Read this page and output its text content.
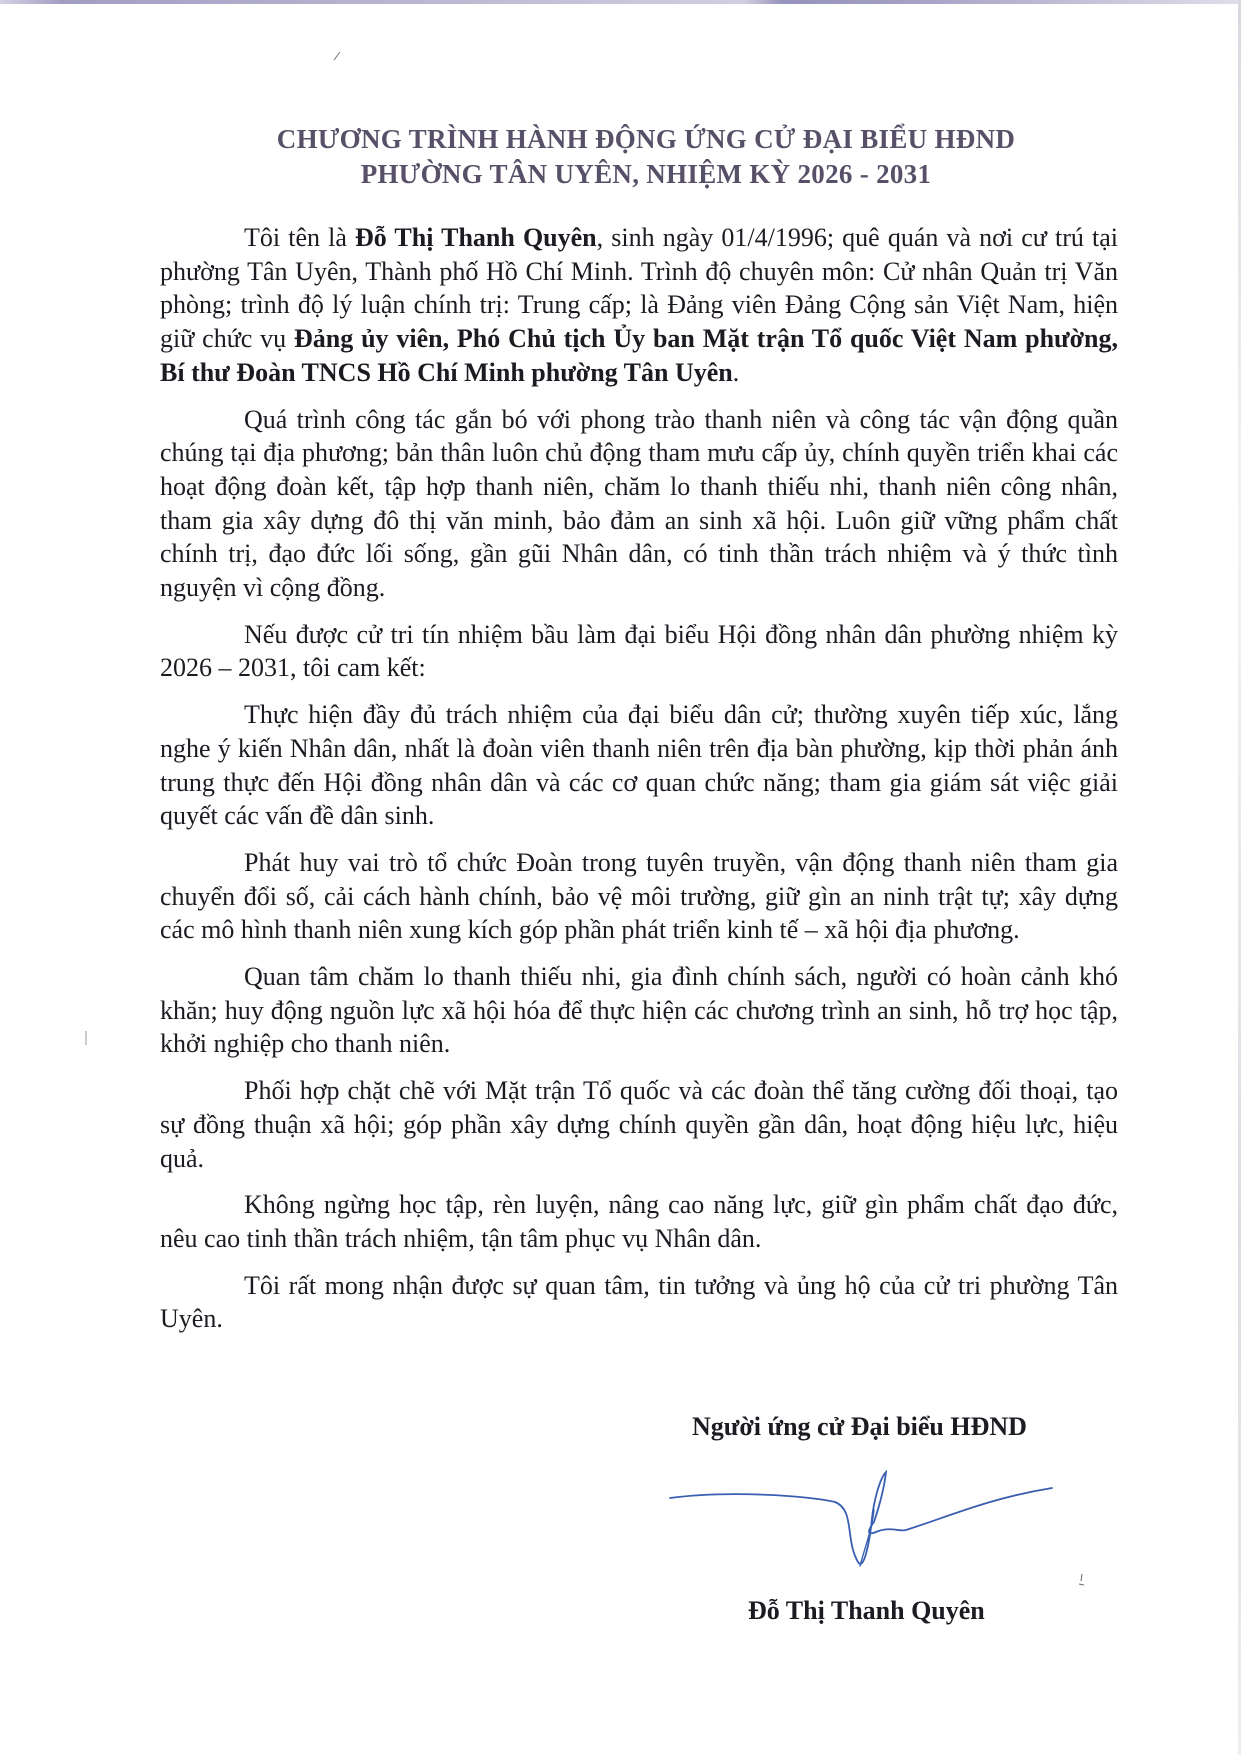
CHƯƠNG TRÌNH HÀNH ĐỘNG ỨNG CỬ ĐẠI BIỂU HĐND
PHƯỜNG TÂN UYÊN, NHIỆM KỲ 2026 - 2031

Tôi tên là Đỗ Thị Thanh Quyên, sinh ngày 01/4/1996; quê quán và nơi cư trú tại phường Tân Uyên, Thành phố Hồ Chí Minh. Trình độ chuyên môn: Cử nhân Quản trị Văn phòng; trình độ lý luận chính trị: Trung cấp; là Đảng viên Đảng Cộng sản Việt Nam, hiện giữ chức vụ Đảng ủy viên, Phó Chủ tịch Ủy ban Mặt trận Tổ quốc Việt Nam phường, Bí thư Đoàn TNCS Hồ Chí Minh phường Tân Uyên.

Quá trình công tác gắn bó với phong trào thanh niên và công tác vận động quần chúng tại địa phương; bản thân luôn chủ động tham mưu cấp ủy, chính quyền triển khai các hoạt động đoàn kết, tập hợp thanh niên, chăm lo thanh thiếu nhi, thanh niên công nhân, tham gia xây dựng đô thị văn minh, bảo đảm an sinh xã hội. Luôn giữ vững phẩm chất chính trị, đạo đức lối sống, gần gũi Nhân dân, có tinh thần trách nhiệm và ý thức tình nguyện vì cộng đồng.

Nếu được cử tri tín nhiệm bầu làm đại biểu Hội đồng nhân dân phường nhiệm kỳ 2026 – 2031, tôi cam kết:

Thực hiện đầy đủ trách nhiệm của đại biểu dân cử; thường xuyên tiếp xúc, lắng nghe ý kiến Nhân dân, nhất là đoàn viên thanh niên trên địa bàn phường, kịp thời phản ánh trung thực đến Hội đồng nhân dân và các cơ quan chức năng; tham gia giám sát việc giải quyết các vấn đề dân sinh.

Phát huy vai trò tổ chức Đoàn trong tuyên truyền, vận động thanh niên tham gia chuyển đổi số, cải cách hành chính, bảo vệ môi trường, giữ gìn an ninh trật tự; xây dựng các mô hình thanh niên xung kích góp phần phát triển kinh tế – xã hội địa phương.

Quan tâm chăm lo thanh thiếu nhi, gia đình chính sách, người có hoàn cảnh khó khăn; huy động nguồn lực xã hội hóa để thực hiện các chương trình an sinh, hỗ trợ học tập, khởi nghiệp cho thanh niên.

Phối hợp chặt chẽ với Mặt trận Tổ quốc và các đoàn thể tăng cường đối thoại, tạo sự đồng thuận xã hội; góp phần xây dựng chính quyền gần dân, hoạt động hiệu lực, hiệu quả.

Không ngừng học tập, rèn luyện, nâng cao năng lực, giữ gìn phẩm chất đạo đức, nêu cao tinh thần trách nhiệm, tận tâm phục vụ Nhân dân.

Tôi rất mong nhận được sự quan tâm, tin tưởng và ủng hộ của cử tri phường Tân Uyên.

Người ứng cử Đại biểu HĐND
Đỗ Thị Thanh Quyên
